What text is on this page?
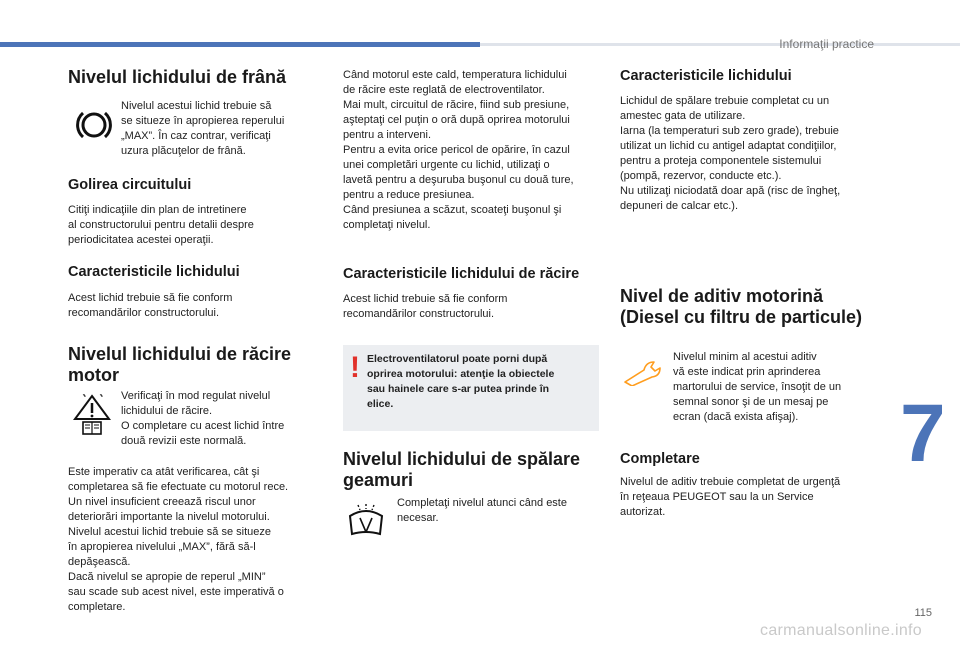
Informaţii practice
7
115
carmanualsonline.info
Nivelul lichidului de frână
Nivelul acestui lichid trebuie să
se situeze în apropierea reperului
„MAX”. În caz contrar, verificaţi
uzura plăcuţelor de frână.
Golirea circuitului
Citiţi indicaţiile din plan de intretinere
al constructorului pentru detalii despre
periodicitatea acestei operaţii.
Caracteristicile lichidului
Acest lichid trebuie să fie conform
recomandărilor constructorului.
Nivelul lichidului de răcire motor
Verificaţi în mod regulat nivelul
lichidului de răcire.
O completare cu acest lichid între
două revizii este normală.
Este imperativ ca atât verificarea, cât şi
completarea să fie efectuate cu motorul rece.
Un nivel insuficient creează riscul unor
deteriorări importante la nivelul motorului.
Nivelul acestui lichid trebuie să se situeze
în apropierea nivelului „MAX”, fără să-l
depăşească.
Dacă nivelul se apropie de reperul „MIN”
sau scade sub acest nivel, este imperativă o
completare.
Când motorul este cald, temperatura lichidului
de răcire este reglată de electroventilator.
Mai mult, circuitul de răcire, fiind sub presiune,
aşteptaţi cel puţin o oră după oprirea motorului
pentru a interveni.
Pentru a evita orice pericol de opărire, în cazul
unei completări urgente cu lichid, utilizaţi o
lavetă pentru a deşuruba buşonul cu două ture,
pentru a reduce presiunea.
Când presiunea a scăzut, scoateţi buşonul şi
completaţi nivelul.
Caracteristicile lichidului de răcire
Acest lichid trebuie să fie conform
recomandărilor constructorului.
! Electroventilatorul poate porni după
oprirea motorului: atenţie la obiectele
sau hainele care s-ar putea prinde în
elice.
Nivelul lichidului de spălare geamuri
Completaţi nivelul atunci când este
necesar.
Caracteristicile lichidului
Lichidul de spălare trebuie completat cu un
amestec gata de utilizare.
Iarna (la temperaturi sub zero grade), trebuie
utilizat un lichid cu antigel adaptat condiţiilor,
pentru a proteja componentele sistemului
(pompă, rezervor, conducte etc.).
Nu utilizaţi niciodată doar apă (risc de îngheţ,
depuneri de calcar etc.).
Nivel de aditiv motorină (Diesel cu filtru de particule)
Nivelul minim al acestui aditiv
vă este indicat prin aprinderea
martorului de service, însoţit de un
semnal sonor şi de un mesaj pe
ecran (dacă exista afişaj).
Completare
Nivelul de aditiv trebuie completat de urgenţă
în reţeaua PEUGEOT sau la un Service
autorizat.
